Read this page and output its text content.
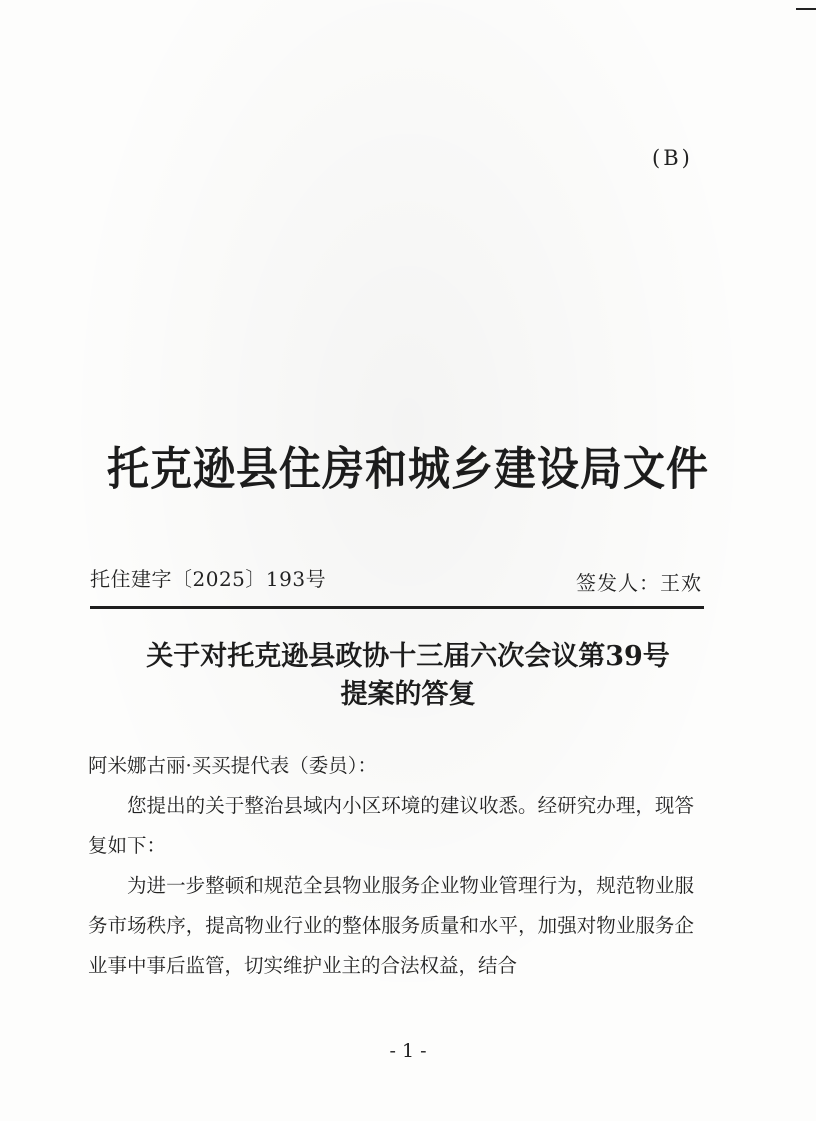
(B)
托克逊县住房和城乡建设局文件
托住建字〔2025〕193号	签发人：王欢
关于对托克逊县政协十三届六次会议第39号
提案的答复
阿米娜古丽·买买提代表（委员）：

您提出的关于整治县域内小区环境的建议收悉。经研究办理，现答复如下：

为进一步整顿和规范全县物业服务企业物业管理行为，规范物业服务市场秩序，提高物业行业的整体服务质量和水平，加强对物业服务企业事中事后监管，切实维护业主的合法权益，结合

- 1 -
